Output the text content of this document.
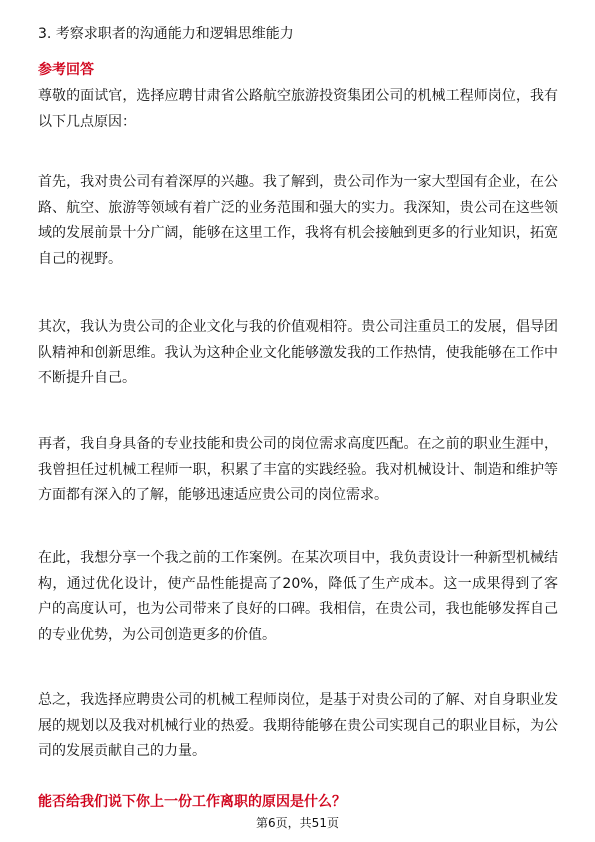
3. 考察求职者的沟通能力和逻辑思维能力
参考回答

尊敬的面试官，选择应聘甘肃省公路航空旅游投资集团公司的机械工程师岗位，我有以下几点原因：

首先，我对贵公司有着深厚的兴趣。我了解到，贵公司作为一家大型国有企业，在公路、航空、旅游等领域有着广泛的业务范围和强大的实力。我深知，贵公司在这些领域的发展前景十分广阔，能够在这里工作，我将有机会接触到更多的行业知识，拓宽自己的视野。

其次，我认为贵公司的企业文化与我的价值观相符。贵公司注重员工的发展，倡导团队精神和创新思维。我认为这种企业文化能够激发我的工作热情，使我能够在工作中不断提升自己。

再者，我自身具备的专业技能和贵公司的岗位需求高度匹配。在之前的职业生涯中，我曾担任过机械工程师一职，积累了丰富的实践经验。我对机械设计、制造和维护等方面都有深入的了解，能够迅速适应贵公司的岗位需求。

在此，我想分享一个我之前的工作案例。在某次项目中，我负责设计一种新型机械结构，通过优化设计，使产品性能提高了20%，降低了生产成本。这一成果得到了客户的高度认可，也为公司带来了良好的口碑。我相信，在贵公司，我也能够发挥自己的专业优势，为公司创造更多的价值。

总之，我选择应聘贵公司的机械工程师岗位，是基于对贵公司的了解、对自身职业发展的规划以及我对机械行业的热爱。我期待能够在贵公司实现自己的职业目标，为公司的发展贡献自己的力量。

能否给我们说下你上一份工作离职的原因是什么？
第6页，共51页
